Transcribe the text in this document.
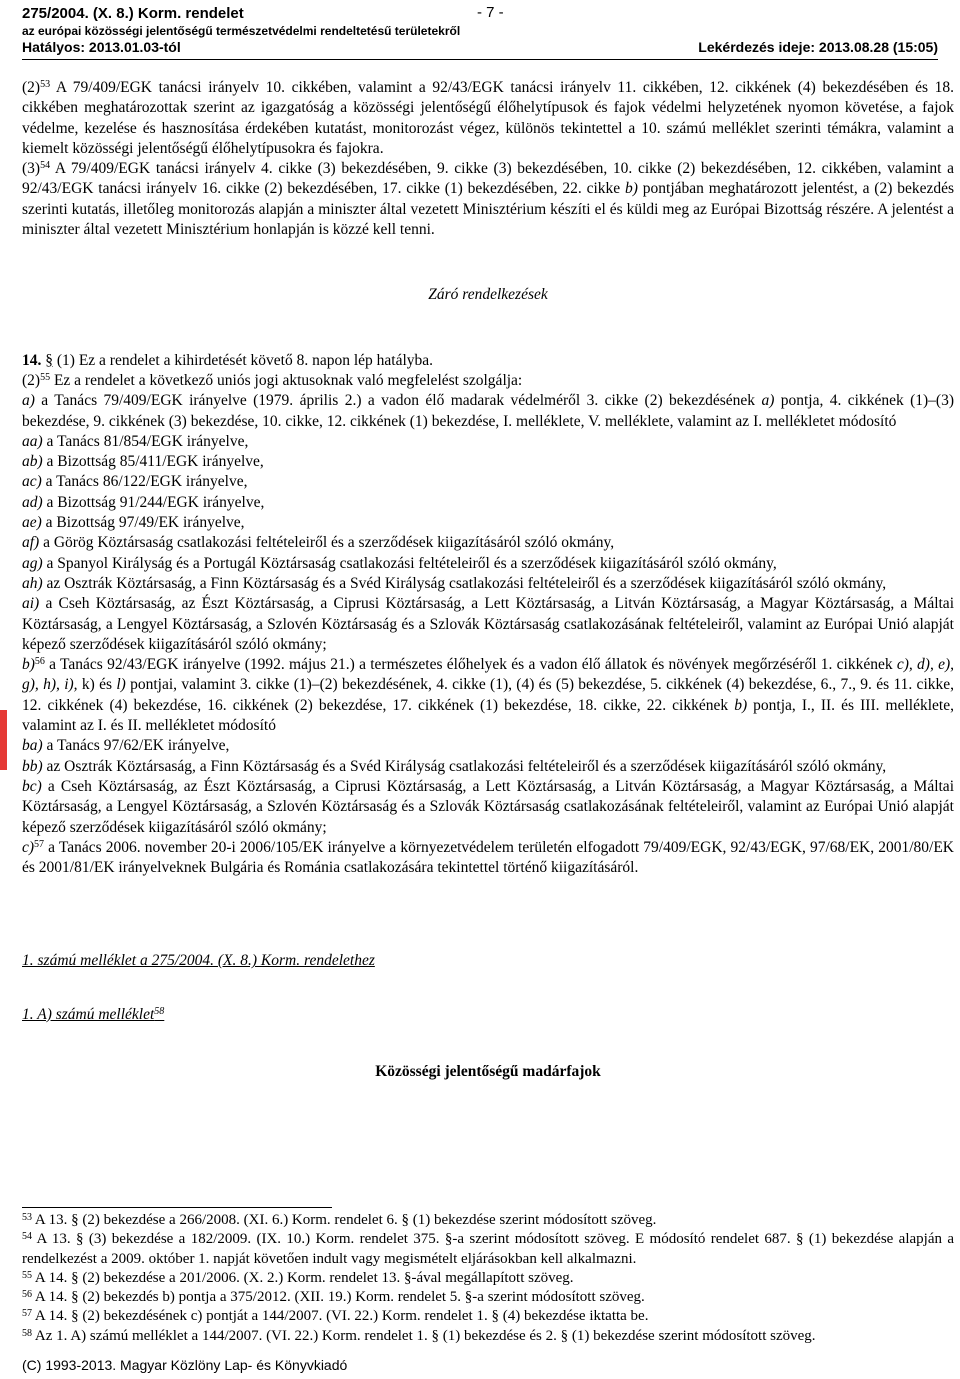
275/2004. (X. 8.) Korm. rendelet
az európai közösségi jelentőségű természetvédelmi rendeltetésű területekről
Hatályos: 2013.01.03-tól
- 7 -
Lekérdezés ideje: 2013.08.28 (15:05)

$(2)^{53}$ A 79/409/EGK tanácsi irányelv 10. cikkében, valamint a 92/43/EGK tanácsi irányelv 11. cikkében, 12. cikkének (4) bekezdésében és 18. cikkében meghatározottak szerint az igazgatóság a közösségi jelentőségű élőhelytípusok és fajok védelmi helyzetének nyomon követése, a fajok védelme, kezelése és hasznosítása érdekében kutatást, monitorozást végez, különös tekintettel a 10. számú melléklet szerinti témákra, valamint a kiemelt közösségi jelentőségű élőhelytípusokra és fajokra.

$(3)^{54}$ A 79/409/EGK tanácsi irányelv 4. cikke (3) bekezdésében, 9. cikke (3) bekezdésében, 10. cikke (2) bekezdésében, 12. cikkében, valamint a 92/43/EGK tanácsi irányelv 16. cikke (2) bekezdésében, 17. cikke (1) bekezdésében, 22. cikke b) pontjában meghatározott jelentést, a (2) bekezdés szerinti kutatás, illetőleg monitorozás alapján a miniszter által vezetett Minisztérium készíti el és küldi meg az Európai Bizottság részére. A jelentést a miniszter által vezetett Minisztérium honlapján is közzé kell tenni.

Záró rendelkezések

14. § (1) Ez a rendelet a kihirdetését követő 8. napon lép hatályba.

$(2)^{55}$ Ez a rendelet a következő uniós jogi aktusoknak való megfelelést szolgálja:

a) a Tanács 79/409/EGK irányelve (1979. április 2.) a vadon élő madarak védelméről 3. cikke (2) bekezdésének a) pontja, 4. cikkének (1)–(3) bekezdése, 9. cikkének (3) bekezdése, 10. cikke, 12. cikkének (1) bekezdése, I. melléklete, V. melléklete, valamint az I. mellékletet módosító

aa) a Tanács 81/854/EGK irányelve,

ab) a Bizottság 85/411/EGK irányelve,

ac) a Tanács 86/122/EGK irányelve,

ad) a Bizottság 91/244/EGK irányelve,

ae) a Bizottság 97/49/EK irányelve,

af) a Görög Köztársaság csatlakozási feltételeiről és a szerződések kiigazításáról szóló okmány,

ag) a Spanyol Királyság és a Portugál Köztársaság csatlakozási feltételeiről és a szerződések kiigazításáról szóló okmány,

ah) az Osztrák Köztársaság, a Finn Köztársaság és a Svéd Királyság csatlakozási feltételeiről és a szerződések kiigazításáról szóló okmány,

ai) a Cseh Köztársaság, az Észt Köztársaság, a Ciprusi Köztársaság, a Lett Köztársaság, a Litván Köztársaság, a Magyar Köztársaság, a Máltai Köztársaság, a Lengyel Köztársaság, a Szlovén Köztársaság és a Szlovák Köztársaság csatlakozásának feltételeiről, valamint az Európai Unió alapját képező szerződések kiigazításáról szóló okmány;

b)$^{56}$ a Tanács 92/43/EGK irányelve (1992. május 21.) a természetes élőhelyek és a vadon élő állatok és növények megőrzéséről 1. cikkének c), d), e), g), h), i), k) és l) pontjai, valamint 3. cikke (1)–(2) bekezdésének, 4. cikke (1), (4) és (5) bekezdése, 5. cikkének (4) bekezdése, 6., 7., 9. és 11. cikke, 12. cikkének (4) bekezdése, 16. cikkének (2) bekezdése, 17. cikkének (1) bekezdése, 18. cikke, 22. cikkének b) pontja, I., II. és III. melléklete, valamint az I. és II. mellékletet módosító

ba) a Tanács 97/62/EK irányelve,

bb) az Osztrák Köztársaság, a Finn Köztársaság és a Svéd Királyság csatlakozási feltételeiről és a szerződések kiigazításáról szóló okmány,

bc) a Cseh Köztársaság, az Észt Köztársaság, a Ciprusi Köztársaság, a Lett Köztársaság, a Litván Köztársaság, a Magyar Köztársaság, a Máltai Köztársaság, a Lengyel Köztársaság, a Szlovén Köztársaság és a Szlovák Köztársaság csatlakozásának feltételeiről, valamint az Európai Unió alapját képező szerződések kiigazításáról szóló okmány;

c)$^{57}$ a Tanács 2006. november 20-i 2006/105/EK irányelve a környezetvédelem területén elfogadott 79/409/EGK, 92/43/EGK, 97/68/EK, 2001/80/EK és 2001/81/EK irányelveknek Bulgária és Románia csatlakozására tekintettel történő kiigazításáról.

1. számú melléklet a 275/2004. (X. 8.) Korm. rendelethez

1. A) számú melléklet$^{58}$

Közösségi jelentőségű madárfajok

$^{53}$ A 13. § (2) bekezdése a 266/2008. (XI. 6.) Korm. rendelet 6. § (1) bekezdése szerint módosított szöveg.

$^{54}$ A 13. § (3) bekezdése a 182/2009. (IX. 10.) Korm. rendelet 375. §-a szerint módosított szöveg. E módosító rendelet 687. § (1) bekezdése alapján a rendelkezést a 2009. október 1. napját követően indult vagy megismételt eljárásokban kell alkalmazni.

$^{55}$ A 14. § (2) bekezdése a 201/2006. (X. 2.) Korm. rendelet 13. §-ával megállapított szöveg.

$^{56}$ A 14. § (2) bekezdés b) pontja a 375/2012. (XII. 19.) Korm. rendelet 5. §-a szerint módosított szöveg.

$^{57}$ A 14. § (2) bekezdésének c) pontját a 144/2007. (VI. 22.) Korm. rendelet 1. § (4) bekezdése iktatta be.

$^{58}$ Az 1. A) számú melléklet a 144/2007. (VI. 22.) Korm. rendelet 1. § (1) bekezdése és 2. § (1) bekezdése szerint módosított szöveg.

(C) 1993-2013. Magyar Közlöny Lap- és Könyvkiadó
